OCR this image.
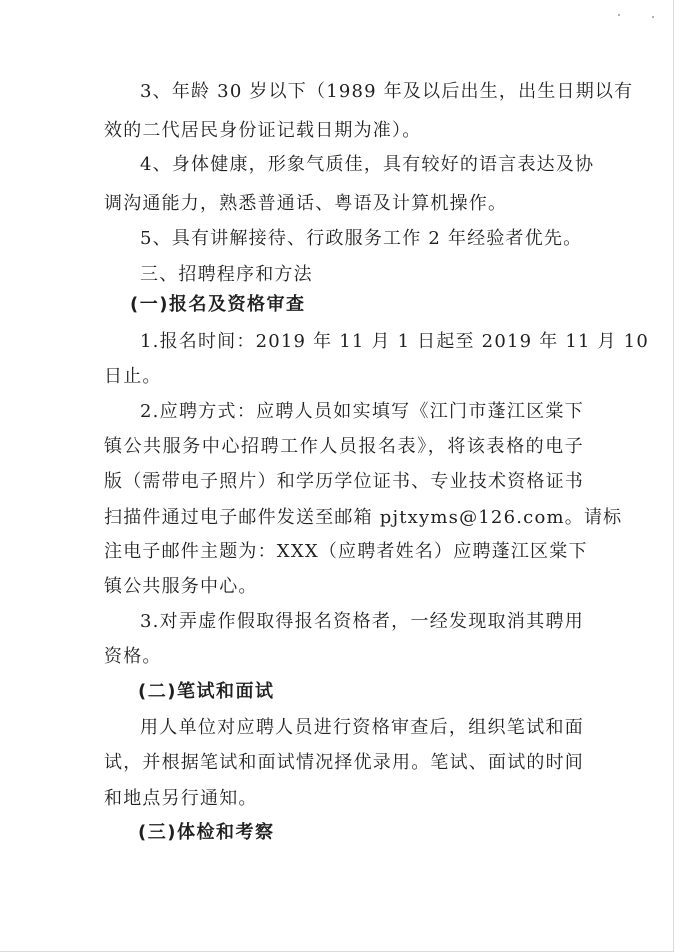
3、年龄 30 岁以下（1989 年及以后出生，出生日期以有
效的二代居民身份证记载日期为准）。
4、身体健康，形象气质佳，具有较好的语言表达及协
调沟通能力，熟悉普通话、粤语及计算机操作。
5、具有讲解接待、行政服务工作 2 年经验者优先。
三、招聘程序和方法
(一)报名及资格审查
1.报名时间：2019 年 11 月 1 日起至 2019 年 11 月 10
日止。
2.应聘方式：应聘人员如实填写《江门市蓬江区棠下
镇公共服务中心招聘工作人员报名表》，将该表格的电子
版（需带电子照片）和学历学位证书、专业技术资格证书
扫描件通过电子邮件发送至邮箱 pjtxyms@126.com。请标
注电子邮件主题为：XXX（应聘者姓名）应聘蓬江区棠下
镇公共服务中心。
3.对弄虚作假取得报名资格者，一经发现取消其聘用
资格。
(二)笔试和面试
用人单位对应聘人员进行资格审查后，组织笔试和面
试，并根据笔试和面试情况择优录用。笔试、面试的时间
和地点另行通知。
(三)体检和考察
